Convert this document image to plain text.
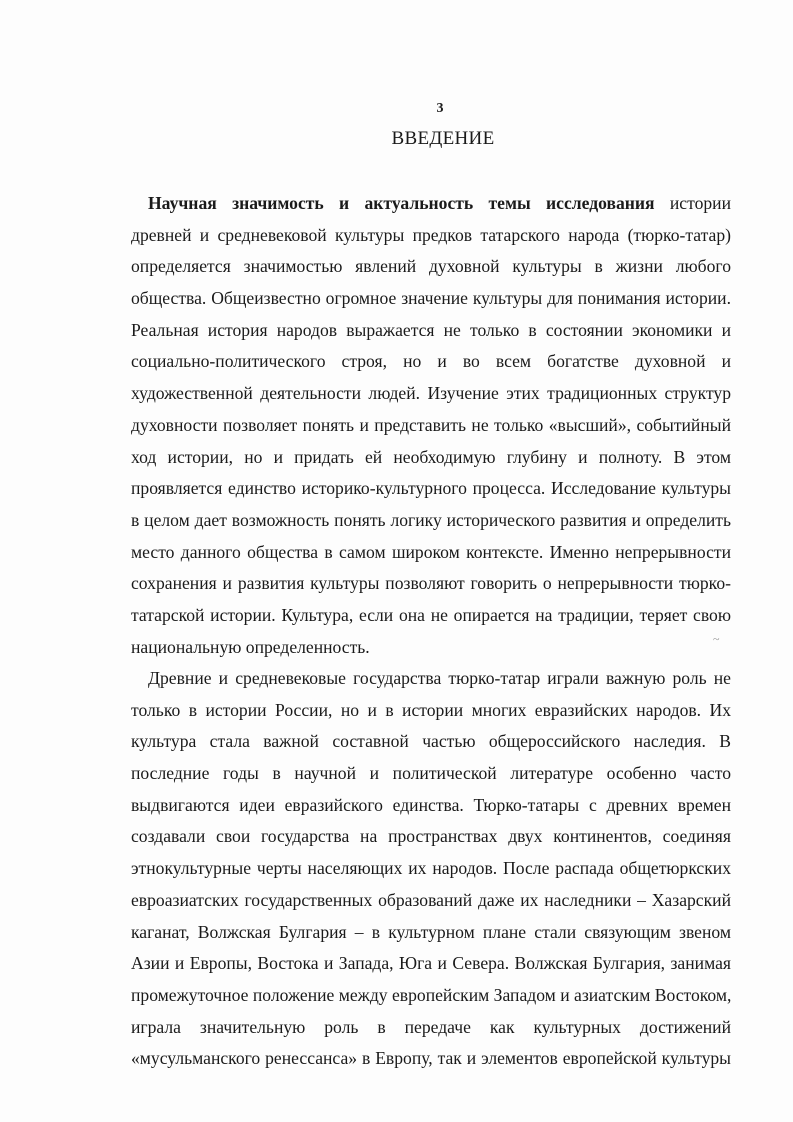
3
ВВЕДЕНИЕ
Научная значимость и актуальность темы исследования истории
древней и средневековой культуры предков татарского народа (тюрко-татар)
определяется значимостью явлений духовной культуры в жизни любого
общества. Общеизвестно огромное значение культуры для понимания истории.
Реальная история народов выражается не только в состоянии экономики и
социально-политического строя, но и во всем богатстве духовной и
художественной деятельности людей. Изучение этих традиционных структур
духовности позволяет понять и представить не только «высший», событийный
ход истории, но и придать ей необходимую глубину и полноту. В этом
проявляется единство историко-культурного процесса. Исследование культуры
в целом дает возможность понять логику исторического развития и определить
место данного общества в самом широком контексте. Именно непрерывности
сохранения и развития культуры позволяют говорить о непрерывности тюрко-
татарской истории. Культура, если она не опирается на традиции, теряет свою
национальную определенность.	~
Древние и средневековые государства тюрко-татар играли важную роль не
только в истории России, но и в истории многих евразийских народов. Их
культура стала важной составной частью общероссийского наследия. В
последние годы в научной и политической литературе особенно часто
выдвигаются идеи евразийского единства. Тюрко-татары с древних времен
создавали свои государства на пространствах двух континентов, соединяя
этнокультурные черты населяющих их народов. После распада общетюркских
евроазиатских государственных образований даже их наследники – Хазарский
каганат, Волжская Булгария – в культурном плане стали связующим звеном
Азии и Европы, Востока и Запада, Юга и Севера. Волжская Булгария, занимая
промежуточное положение между европейским Западом и азиатским Востоком,
играла значительную роль в передаче как культурных достижений
«мусульманского ренессанса» в Европу, так и элементов европейской культуры
